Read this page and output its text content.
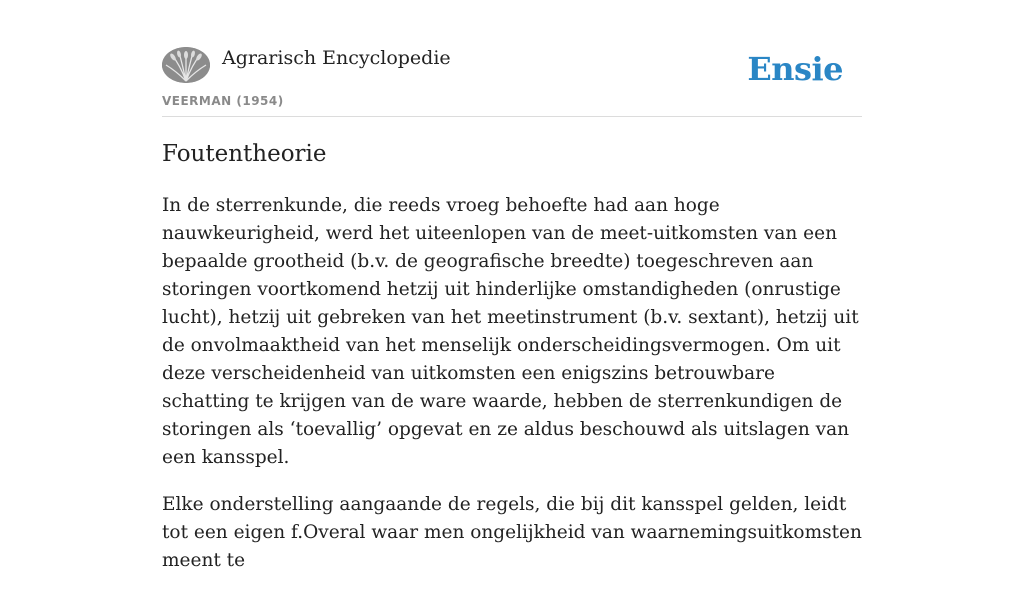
Agrarisch Encyclopedie
VEERMAN (1954)
Ensie
Foutentheorie

In de sterrenkunde, die reeds vroeg behoefte had aan hoge nauwkeurigheid, werd het uiteenlopen van de meet-uitkomsten van een bepaalde grootheid (b.v. de geografische breedte) toegeschreven aan storingen voortkomend hetzij uit hinderlijke omstandigheden (onrustige lucht), hetzij uit gebreken van het meetinstrument (b.v. sextant), hetzij uit de onvolmaaktheid van het menselijk onderscheidingsvermogen. Om uit deze verscheidenheid van uitkomsten een enigszins betrouwbare schatting te krijgen van de ware waarde, hebben de sterrenkundigen de storingen als ‘toevallig’ opgevat en ze aldus beschouwd als uitslagen van een kansspel.

Elke onderstelling aangaande de regels, die bij dit kansspel gelden, leidt tot een eigen f.Overal waar men ongelijkheid van waarnemingsuitkomsten meent te
